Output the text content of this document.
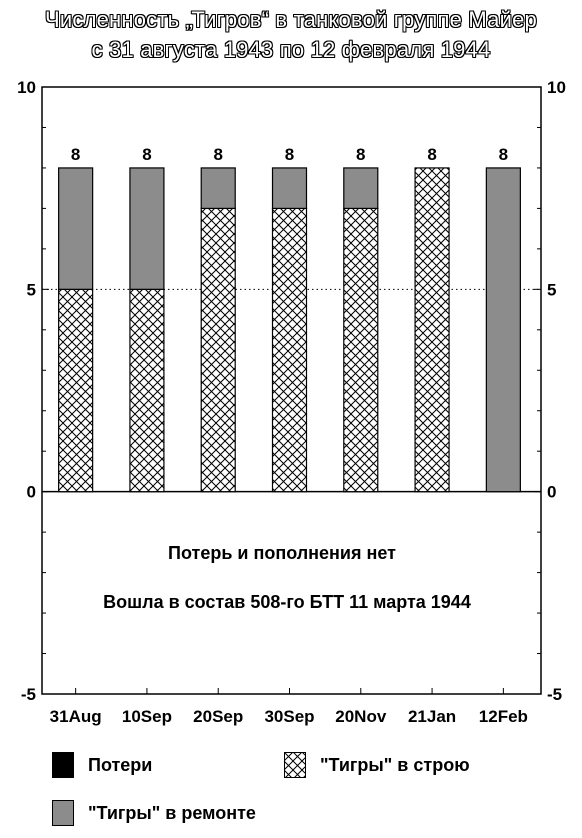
Численность „Тигров“ в танковой группе Майер
с 31 августа 1943 по 12 февраля 1944
-5	-5
0	0
5	5
10	10
8
31Aug
8
10Sep
8
20Sep
8
30Sep
8
20Nov
8
21Jan
8
12Feb
Потерь и пополнения нет
Вошла в состав 508-го БТТ 11 марта 1944
Потери	"Тигры" в строю
"Тигры" в ремонте
